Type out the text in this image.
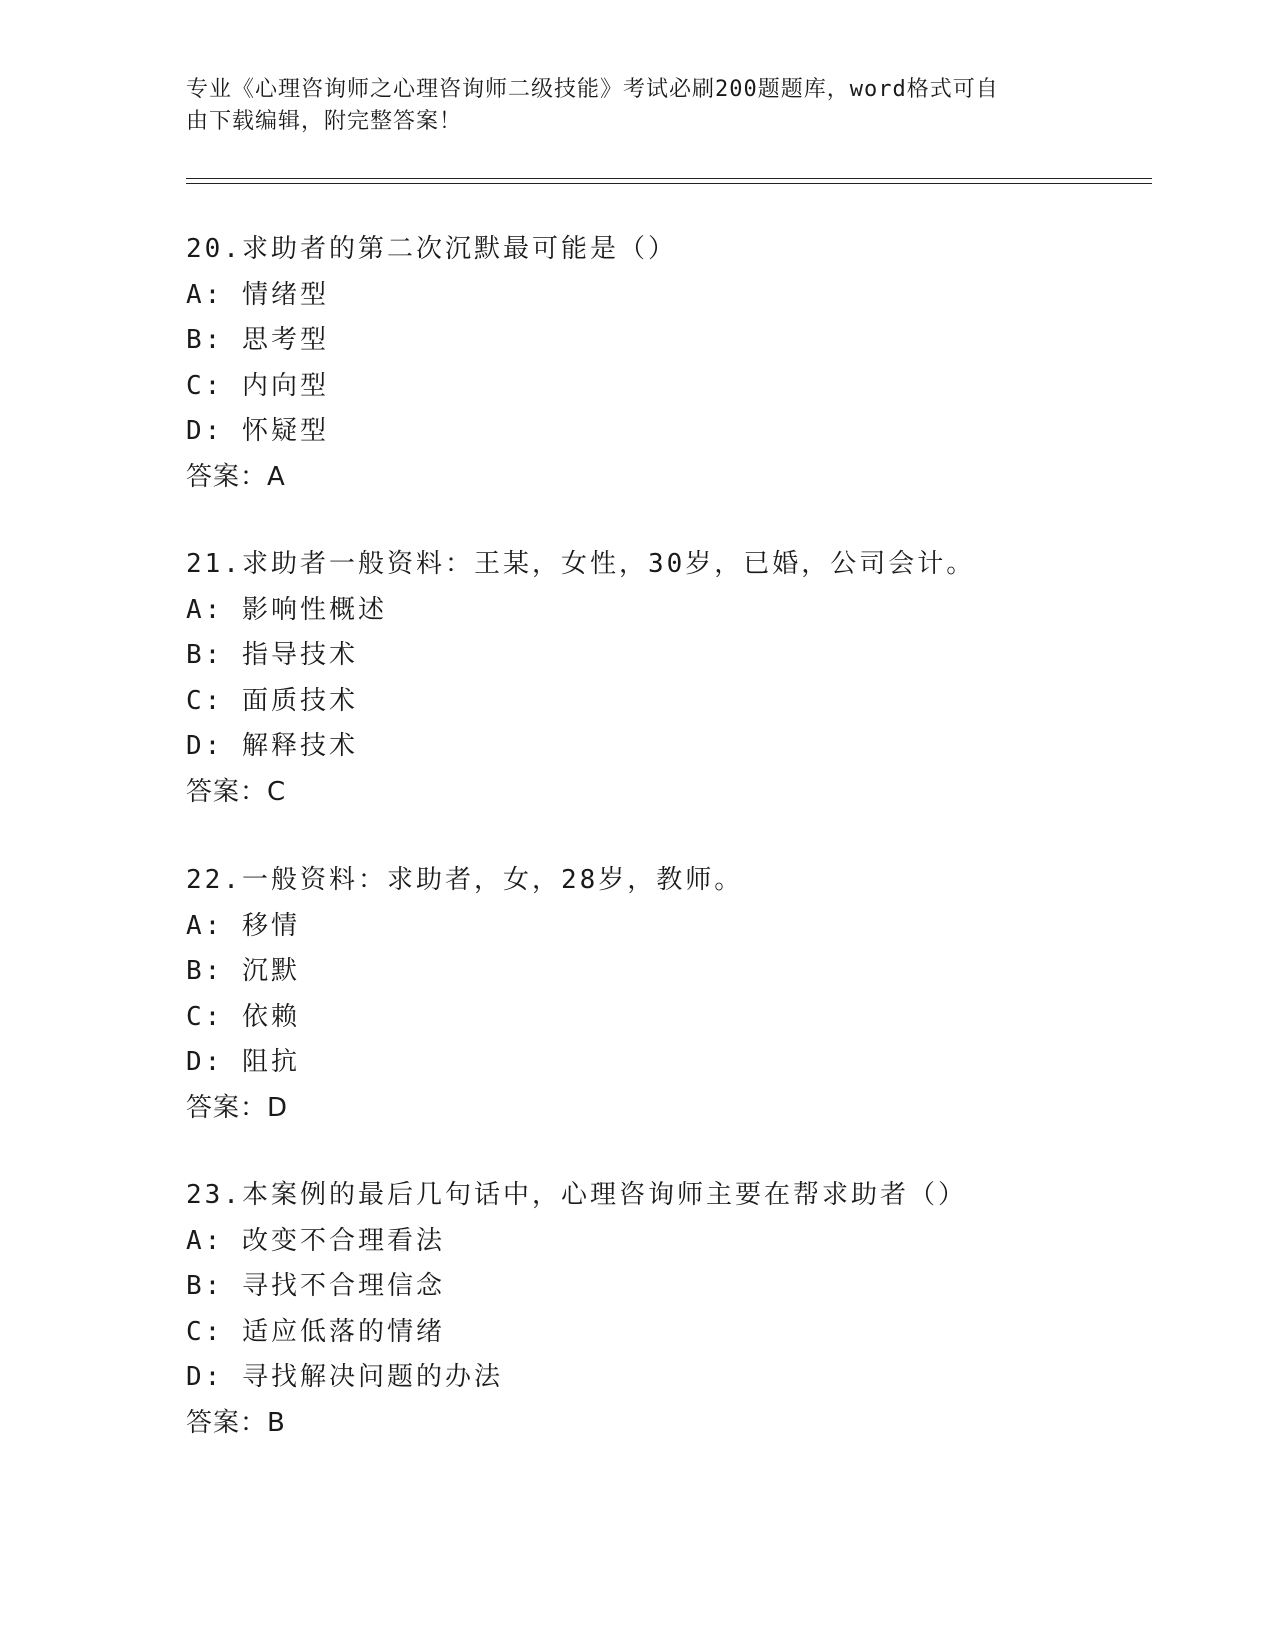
专业《心理咨询师之心理咨询师二级技能》考试必刷200题题库，word格式可自
由下载编辑，附完整答案！
20.求助者的第二次沉默最可能是（）
A: 情绪型
B: 思考型
C: 内向型
D: 怀疑型
答案：A
21.求助者一般资料：王某，女性，30岁，已婚，公司会计。
A: 影响性概述
B: 指导技术
C: 面质技术
D: 解释技术
答案：C
22.一般资料：求助者，女，28岁，教师。
A: 移情
B: 沉默
C: 依赖
D: 阻抗
答案：D
23.本案例的最后几句话中，心理咨询师主要在帮求助者（）
A: 改变不合理看法
B: 寻找不合理信念
C: 适应低落的情绪
D: 寻找解决问题的办法
答案：B
